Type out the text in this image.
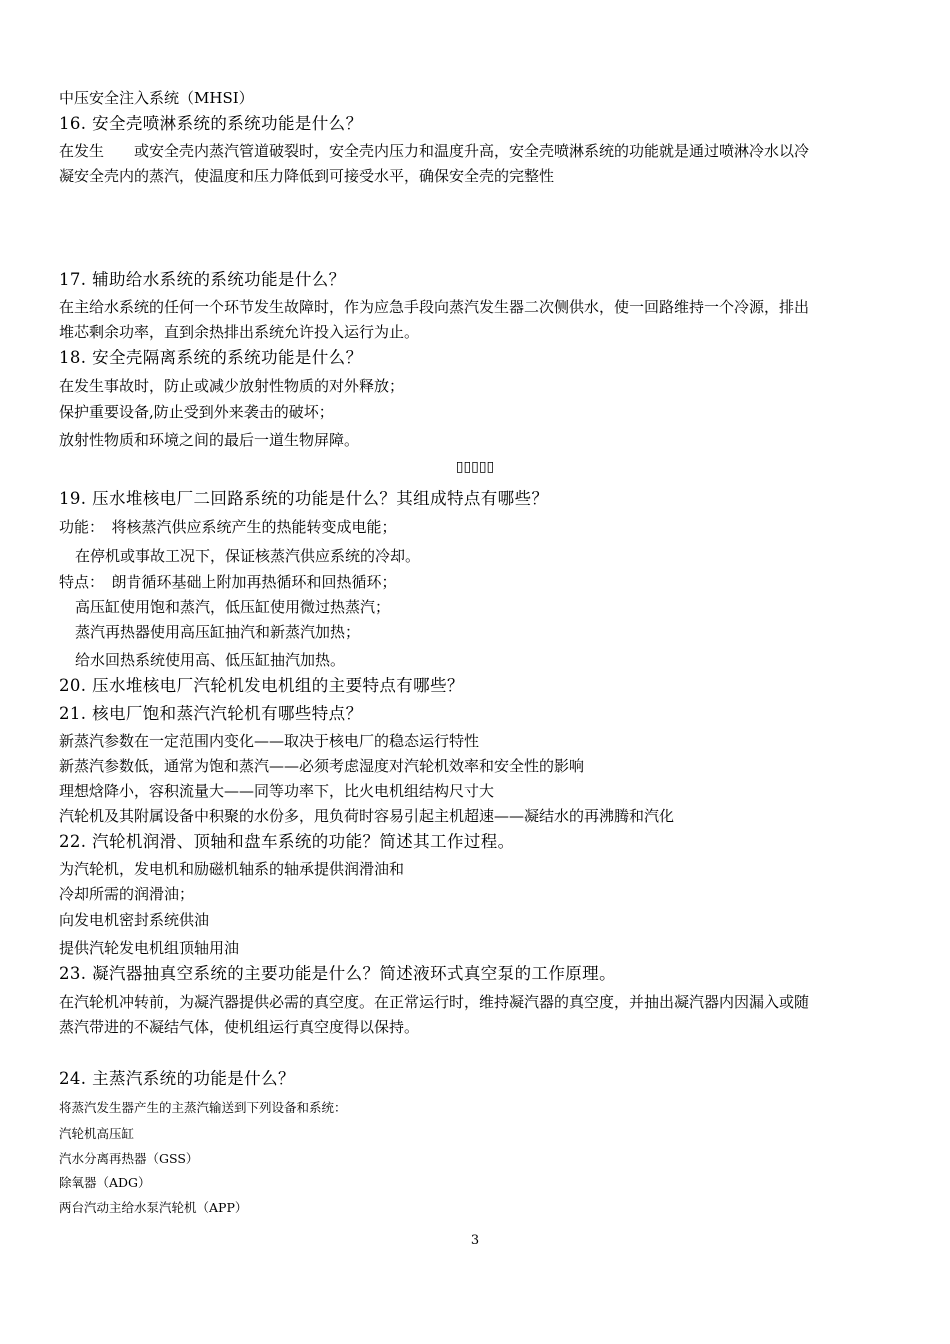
中压安全注入系统（MHSI）
16. 安全壳喷淋系统的系统功能是什么？
在发生　　或安全壳内蒸汽管道破裂时，安全壳内压力和温度升高，安全壳喷淋系统的功能就是通过喷淋冷水以冷
凝安全壳内的蒸汽，使温度和压力降低到可接受水平，确保安全壳的完整性
17. 辅助给水系统的系统功能是什么？
在主给水系统的任何一个环节发生故障时，作为应急手段向蒸汽发生器二次侧供水，使一回路维持一个冷源，排出
堆芯剩余功率，直到余热排出系统允许投入运行为止。
18. 安全壳隔离系统的系统功能是什么？
在发生事故时，防止或减少放射性物质的对外释放；
保护重要设备,防止受到外来袭击的破坏；
放射性物质和环境之间的最后一道生物屏障。
▯▯▯▯▯
19. 压水堆核电厂二回路系统的功能是什么？其组成特点有哪些？
功能：　将核蒸汽供应系统产生的热能转变成电能；
在停机或事故工况下，保证核蒸汽供应系统的冷却。
特点：　朗肯循环基础上附加再热循环和回热循环；
高压缸使用饱和蒸汽，低压缸使用微过热蒸汽；
蒸汽再热器使用高压缸抽汽和新蒸汽加热；
给水回热系统使用高、低压缸抽汽加热。
20. 压水堆核电厂汽轮机发电机组的主要特点有哪些？
21. 核电厂饱和蒸汽汽轮机有哪些特点？
新蒸汽参数在一定范围内变化——取决于核电厂的稳态运行特性
新蒸汽参数低，通常为饱和蒸汽——必须考虑湿度对汽轮机效率和安全性的影响
理想焓降小，容积流量大——同等功率下，比火电机组结构尺寸大
汽轮机及其附属设备中积聚的水份多，甩负荷时容易引起主机超速——凝结水的再沸腾和汽化
22. 汽轮机润滑、顶轴和盘车系统的功能？简述其工作过程。
为汽轮机，发电机和励磁机轴系的轴承提供润滑油和
冷却所需的润滑油；
向发电机密封系统供油
提供汽轮发电机组顶轴用油
23. 凝汽器抽真空系统的主要功能是什么？简述液环式真空泵的工作原理。
在汽轮机冲转前，为凝汽器提供必需的真空度。在正常运行时，维持凝汽器的真空度，并抽出凝汽器内因漏入或随
蒸汽带进的不凝结气体，使机组运行真空度得以保持。
24. 主蒸汽系统的功能是什么？
将蒸汽发生器产生的主蒸汽输送到下列设备和系统：
汽轮机高压缸
汽水分离再热器（GSS）
除氧器（ADG）
两台汽动主给水泵汽轮机（APP）
3
